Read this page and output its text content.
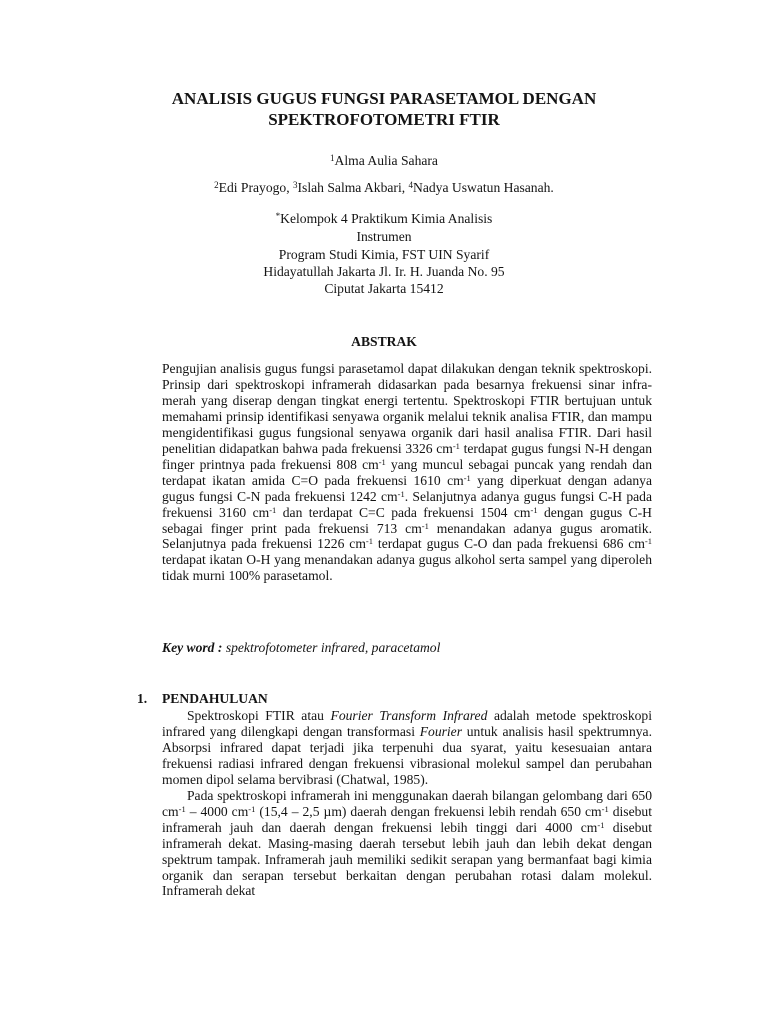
ANALISIS GUGUS FUNGSI PARASETAMOL DENGAN
SPEKTROFOTOMETRI FTIR
$^1$Alma Aulia Sahara
$^2$Edi Prayogo, $^3$Islah Salma Akbari, $^4$Nadya Uswatun Hasanah.
*Kelompok 4 Praktikum Kimia Analisis
Instrumen
Program Studi Kimia, FST UIN Syarif
Hidayatullah Jakarta Jl. Ir. H. Juanda No. 95
Ciputat Jakarta 15412
ABSTRAK
Pengujian analisis gugus fungsi parasetamol dapat dilakukan dengan teknik spektroskopi. Prinsip dari spektroskopi inframerah didasarkan pada besarnya frekuensi sinar infra-merah yang diserap dengan tingkat energi tertentu. Spektroskopi FTIR bertujuan untuk memahami prinsip identifikasi senyawa organik melalui teknik analisa FTIR, dan mampu mengidentifikasi gugus fungsional senyawa organik dari hasil analisa FTIR. Dari hasil penelitian didapatkan bahwa pada frekuensi 3326 $cm^{-1}$ terdapat gugus fungsi N-H dengan finger printnya pada frekuensi 808 $cm^{-1}$ yang muncul sebagai puncak yang rendah dan terdapat ikatan amida C=O pada frekuensi 1610 $cm^{-1}$ yang diperkuat dengan adanya gugus fungsi C-N pada frekuensi 1242 $cm^{-1}$. Selanjutnya adanya gugus fungsi C-H pada frekuensi 3160 $cm^{-1}$ dan terdapat C=C pada frekuensi 1504 $cm^{-1}$ dengan gugus C-H sebagai finger print pada frekuensi 713 $cm^{-1}$ menandakan adanya gugus aromatik. Selanjutnya pada frekuensi 1226 $cm^{-1}$ terdapat gugus C-O dan pada frekuensi 686 $cm^{-1}$ terdapat ikatan O-H yang menandakan adanya gugus alkohol serta sampel yang diperoleh tidak murni 100% parasetamol.
Key word : spektrofotometer infrared, paracetamol
1. PENDAHULUAN

Spektroskopi FTIR atau Fourier Transform Infrared adalah metode spektroskopi infrared yang dilengkapi dengan transformasi Fourier untuk analisis hasil spektrumnya. Absorpsi infrared dapat terjadi jika terpenuhi dua syarat, yaitu kesesuaian antara frekuensi radiasi infrared dengan frekuensi vibrasional molekul sampel dan perubahan momen dipol selama bervibrasi (Chatwal, 1985).

Pada spektroskopi inframerah ini menggunakan daerah bilangan gelombang dari 650 $cm^{-1} - 4000$ $cm^{-1}$ (15,4 – 2,5 µm) daerah dengan frekuensi lebih rendah 650 $cm^{-1}$ disebut inframerah jauh dan daerah dengan frekuensi lebih tinggi dari 4000 $cm^{-1}$ disebut inframerah dekat. Masing-masing daerah tersebut lebih jauh dan lebih dekat dengan spektrum tampak. Inframerah jauh memiliki sedikit serapan yang bermanfaat bagi kimia organik dan serapan tersebut berkaitan dengan perubahan rotasi dalam molekul. Inframerah dekat
